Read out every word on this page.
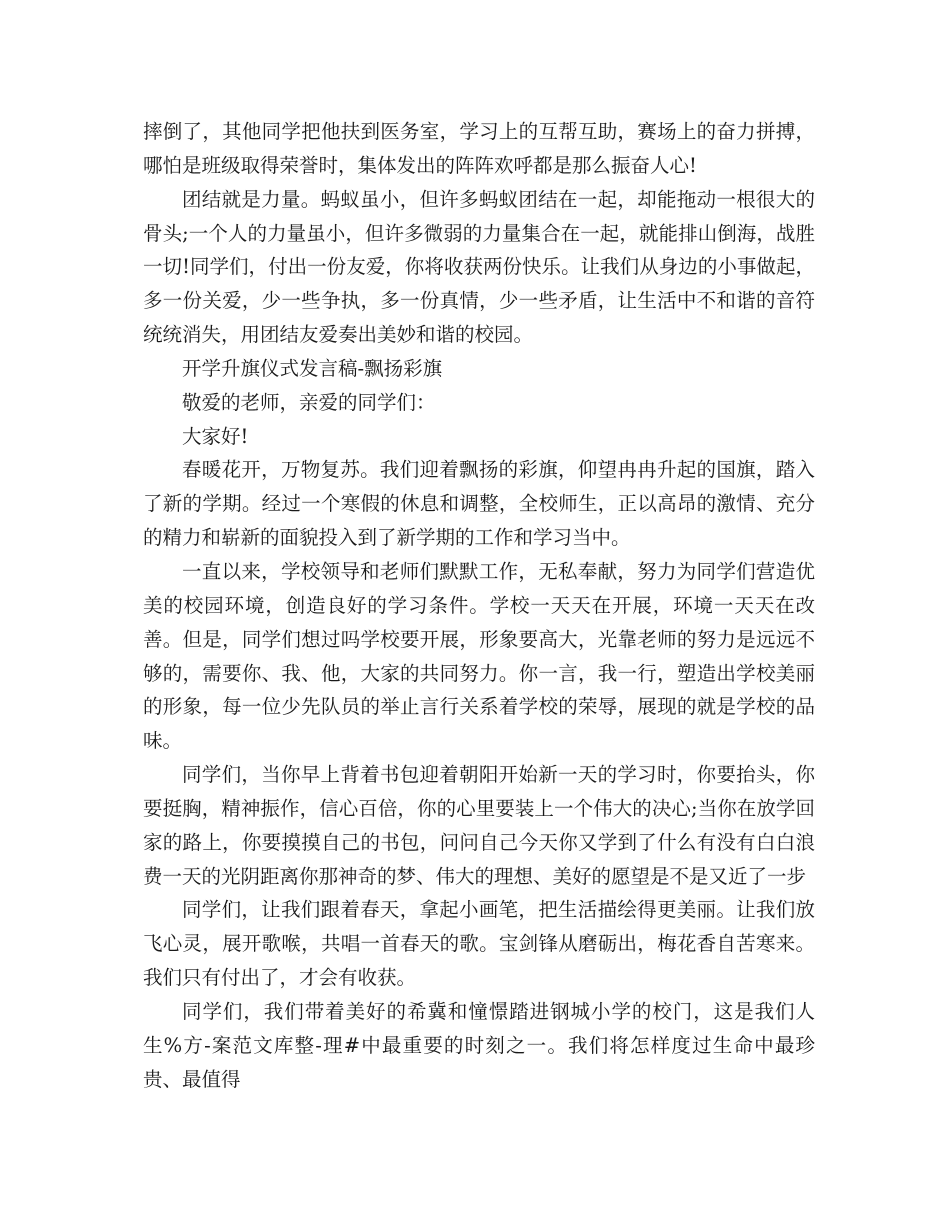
摔倒了，其他同学把他扶到医务室，学习上的互帮互助，赛场上的奋力拼搏，哪怕是班级取得荣誉时，集体发出的阵阵欢呼都是那么振奋人心!

团结就是力量。蚂蚁虽小，但许多蚂蚁团结在一起，却能拖动一根很大的骨头;一个人的力量虽小，但许多微弱的力量集合在一起，就能排山倒海，战胜一切!同学们，付出一份友爱，你将收获两份快乐。让我们从身边的小事做起，多一份关爱，少一些争执，多一份真情，少一些矛盾，让生活中不和谐的音符统统消失，用团结友爱奏出美妙和谐的校园。

开学升旗仪式发言稿-飘扬彩旗

敬爱的老师，亲爱的同学们：

大家好!

春暖花开，万物复苏。我们迎着飘扬的彩旗，仰望冉冉升起的国旗，踏入了新的学期。经过一个寒假的休息和调整，全校师生，正以高昂的激情、充分的精力和崭新的面貌投入到了新学期的工作和学习当中。

一直以来，学校领导和老师们默默工作，无私奉献，努力为同学们营造优美的校园环境，创造良好的学习条件。学校一天天在开展，环境一天天在改善。但是，同学们想过吗学校要开展，形象要高大，光靠老师的努力是远远不够的，需要你、我、他，大家的共同努力。你一言，我一行，塑造出学校美丽的形象，每一位少先队员的举止言行关系着学校的荣辱，展现的就是学校的品味。

同学们，当你早上背着书包迎着朝阳开始新一天的学习时，你要抬头，你要挺胸，精神振作，信心百倍，你的心里要装上一个伟大的决心;当你在放学回家的路上，你要摸摸自己的书包，问问自己今天你又学到了什么有没有白白浪费一天的光阴距离你那神奇的梦、伟大的理想、美好的愿望是不是又近了一步

同学们，让我们跟着春天，拿起小画笔，把生活描绘得更美丽。让我们放飞心灵，展开歌喉，共唱一首春天的歌。宝剑锋从磨砺出，梅花香自苦寒来。我们只有付出了，才会有收获。

同学们，我们带着美好的希冀和憧憬踏进钢城小学的校门，这是我们人生%方-案范文库整-理#中最重要的时刻之一。我们将怎样度过生命中最珍贵、最值得
